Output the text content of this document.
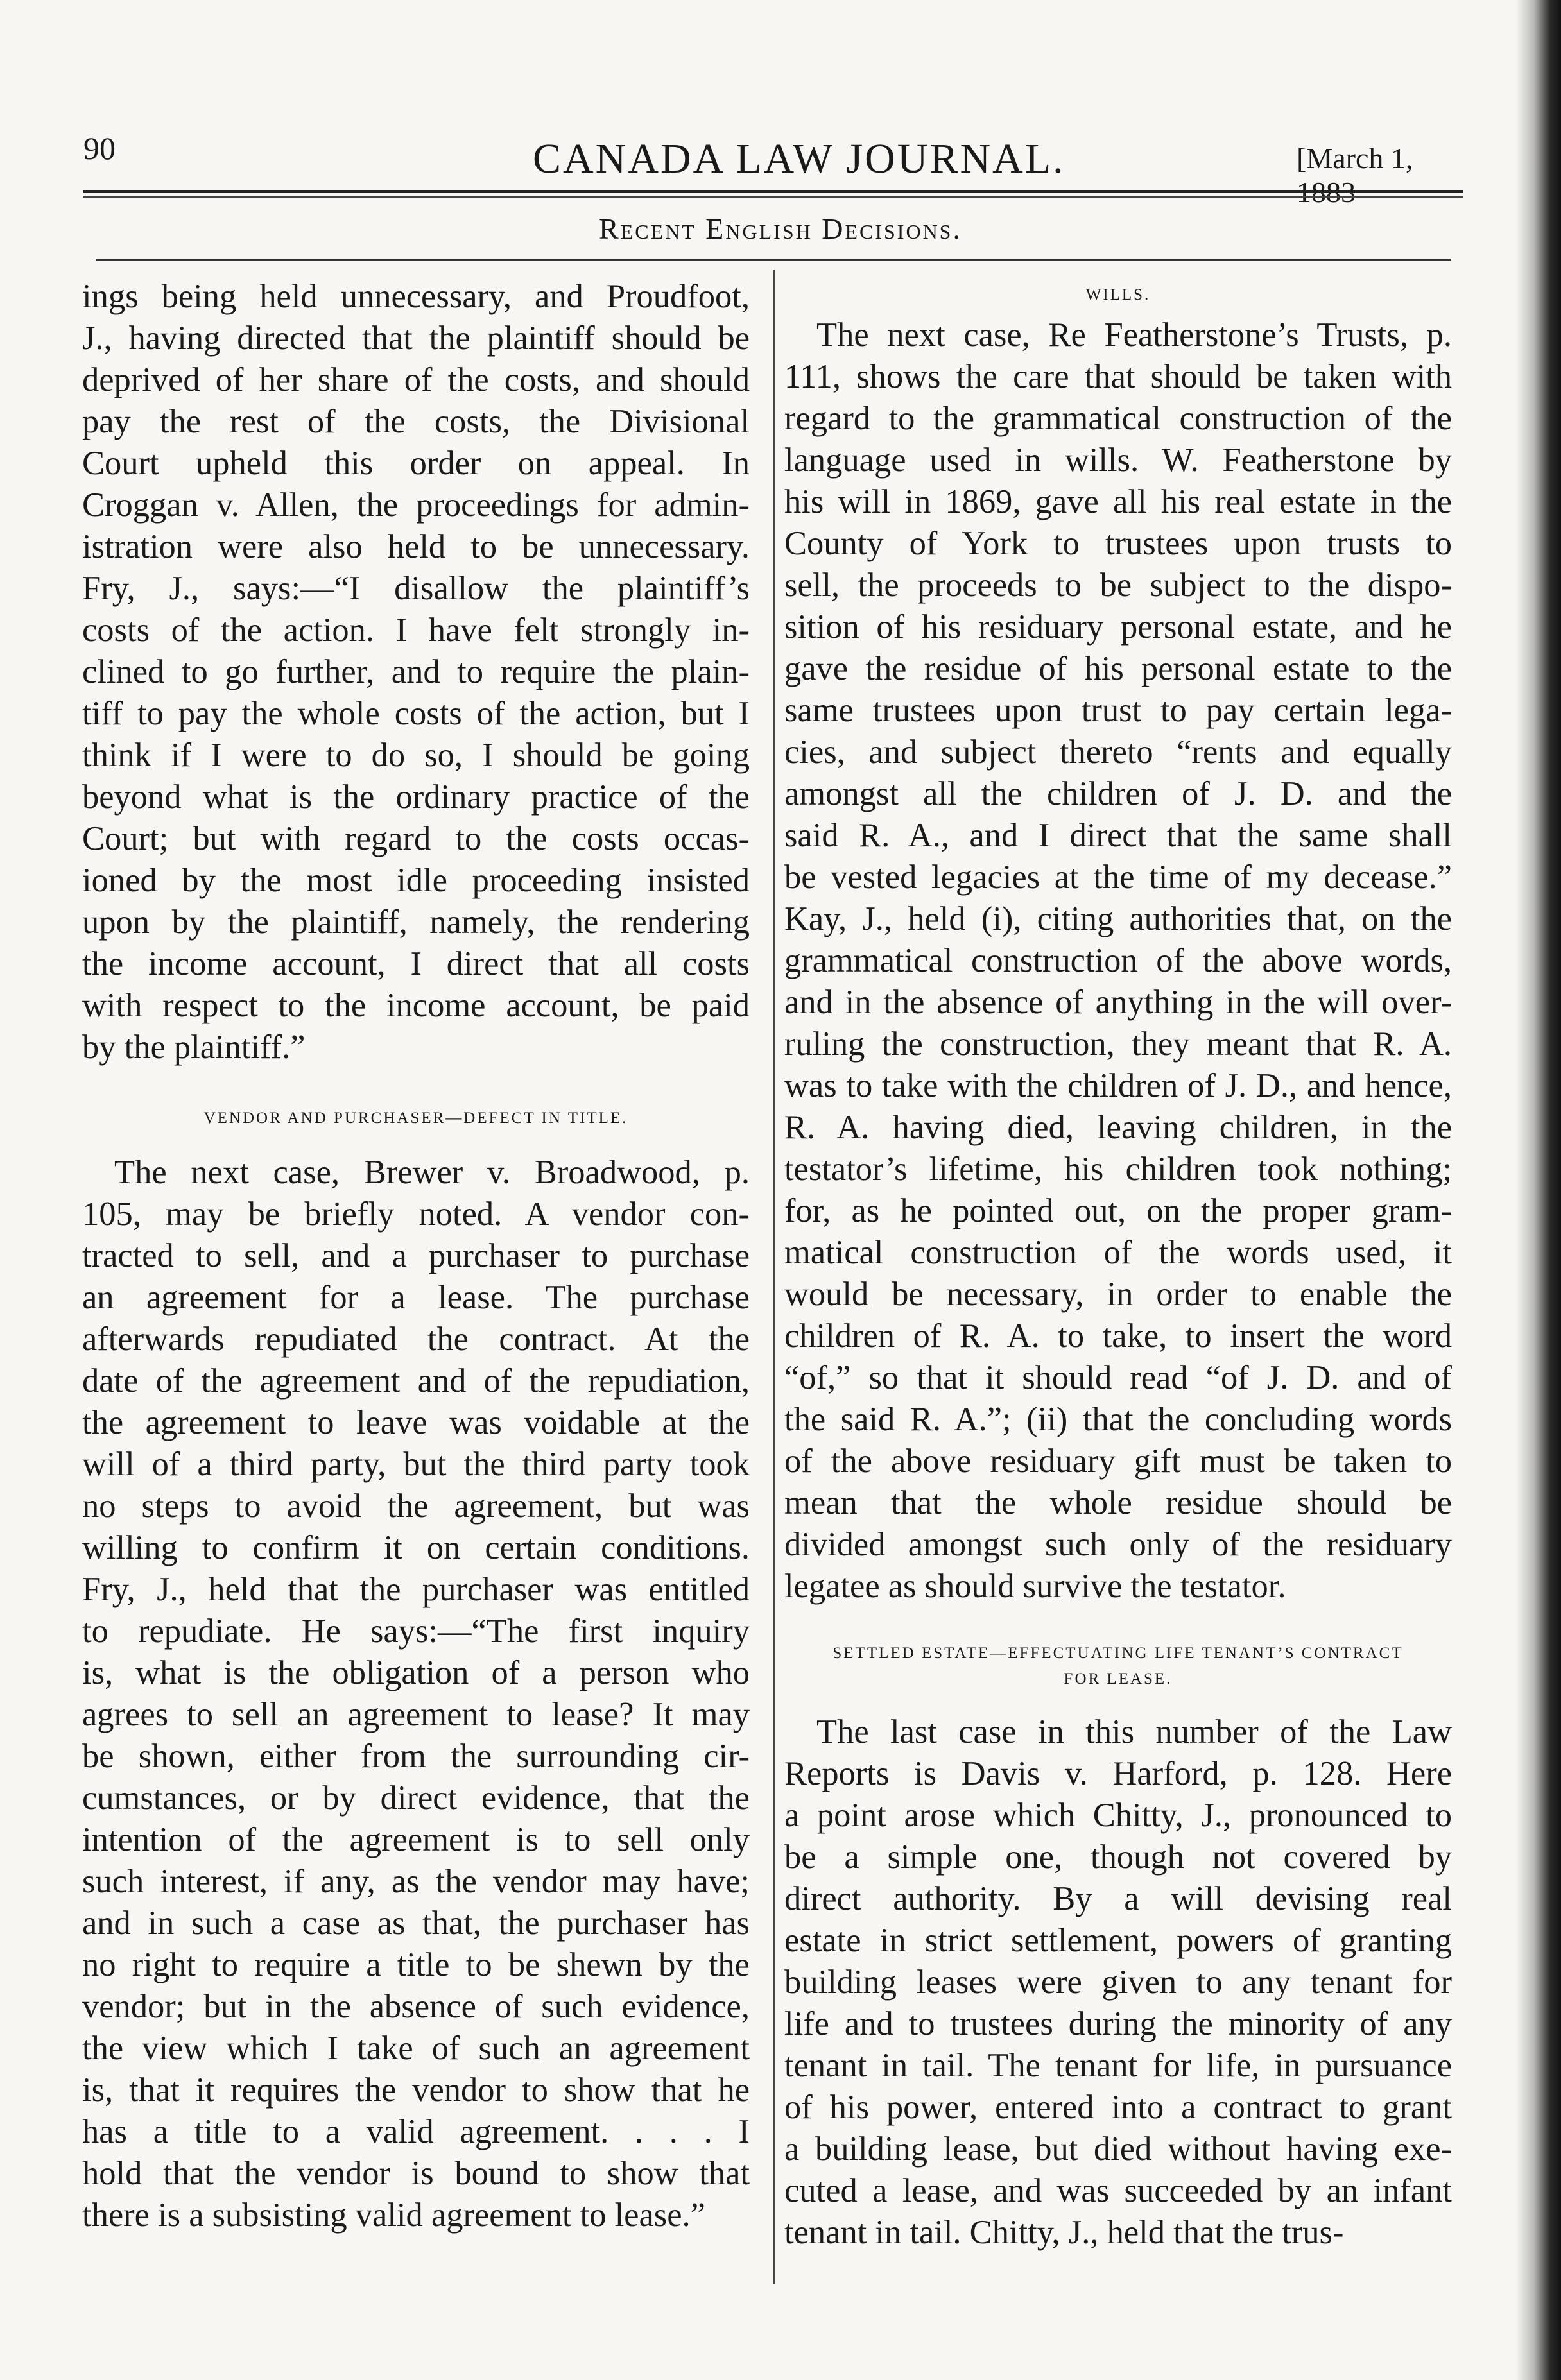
90	CANADA LAW JOURNAL.	[March 1, 1883
Recent English Decisions.
ings being held unnecessary, and Proudfoot,
J., having directed that the plaintiff should be
deprived of her share of the costs, and should
pay the rest of the costs, the Divisional
Court upheld this order on appeal. In
Croggan v. Allen, the proceedings for admin-
istration were also held to be unnecessary.
Fry, J., says:—“I disallow the plaintiff’s
costs of the action. I have felt strongly in-
clined to go further, and to require the plain-
tiff to pay the whole costs of the action, but I
think if I were to do so, I should be going
beyond what is the ordinary practice of the
Court; but with regard to the costs occas-
ioned by the most idle proceeding insisted
upon by the plaintiff, namely, the rendering
the income account, I direct that all costs
with respect to the income account, be paid
by the plaintiff.”
VENDOR AND PURCHASER—DEFECT IN TITLE.
The next case, Brewer v. Broadwood, p.
105, may be briefly noted. A vendor con-
tracted to sell, and a purchaser to purchase
an agreement for a lease. The purchase
afterwards repudiated the contract. At the
date of the agreement and of the repudiation,
the agreement to leave was voidable at the
will of a third party, but the third party took
no steps to avoid the agreement, but was
willing to confirm it on certain conditions.
Fry, J., held that the purchaser was entitled
to repudiate. He says:—“The first inquiry
is, what is the obligation of a person who
agrees to sell an agreement to lease? It may
be shown, either from the surrounding cir-
cumstances, or by direct evidence, that the
intention of the agreement is to sell only
such interest, if any, as the vendor may have;
and in such a case as that, the purchaser has
no right to require a title to be shewn by the
vendor; but in the absence of such evidence,
the view which I take of such an agreement
is, that it requires the vendor to show that he
has a title to a valid agreement. . . . I
hold that the vendor is bound to show that
there is a subsisting valid agreement to lease.”
WILLS.
The next case, Re Featherstone’s Trusts, p.
111, shows the care that should be taken with
regard to the grammatical construction of the
language used in wills. W. Featherstone by
his will in 1869, gave all his real estate in the
County of York to trustees upon trusts to
sell, the proceeds to be subject to the dispo-
sition of his residuary personal estate, and he
gave the residue of his personal estate to the
same trustees upon trust to pay certain lega-
cies, and subject thereto “rents and equally
amongst all the children of J. D. and the
said R. A., and I direct that the same shall
be vested legacies at the time of my decease.”
Kay, J., held (i), citing authorities that, on the
grammatical construction of the above words,
and in the absence of anything in the will over-
ruling the construction, they meant that R. A.
was to take with the children of J. D., and hence,
R. A. having died, leaving children, in the
testator’s lifetime, his children took nothing;
for, as he pointed out, on the proper gram-
matical construction of the words used, it
would be necessary, in order to enable the
children of R. A. to take, to insert the word
“of,” so that it should read “of J. D. and of
the said R. A.”; (ii) that the concluding words
of the above residuary gift must be taken to
mean that the whole residue should be
divided amongst such only of the residuary
legatee as should survive the testator.
SETTLED ESTATE—EFFECTUATING LIFE TENANT’S CONTRACT
FOR LEASE.
The last case in this number of the Law
Reports is Davis v. Harford, p. 128. Here
a point arose which Chitty, J., pronounced to
be a simple one, though not covered by
direct authority. By a will devising real
estate in strict settlement, powers of granting
building leases were given to any tenant for
life and to trustees during the minority of any
tenant in tail. The tenant for life, in pursuance
of his power, entered into a contract to grant
a building lease, but died without having exe-
cuted a lease, and was succeeded by an infant
tenant in tail. Chitty, J., held that the trus-
